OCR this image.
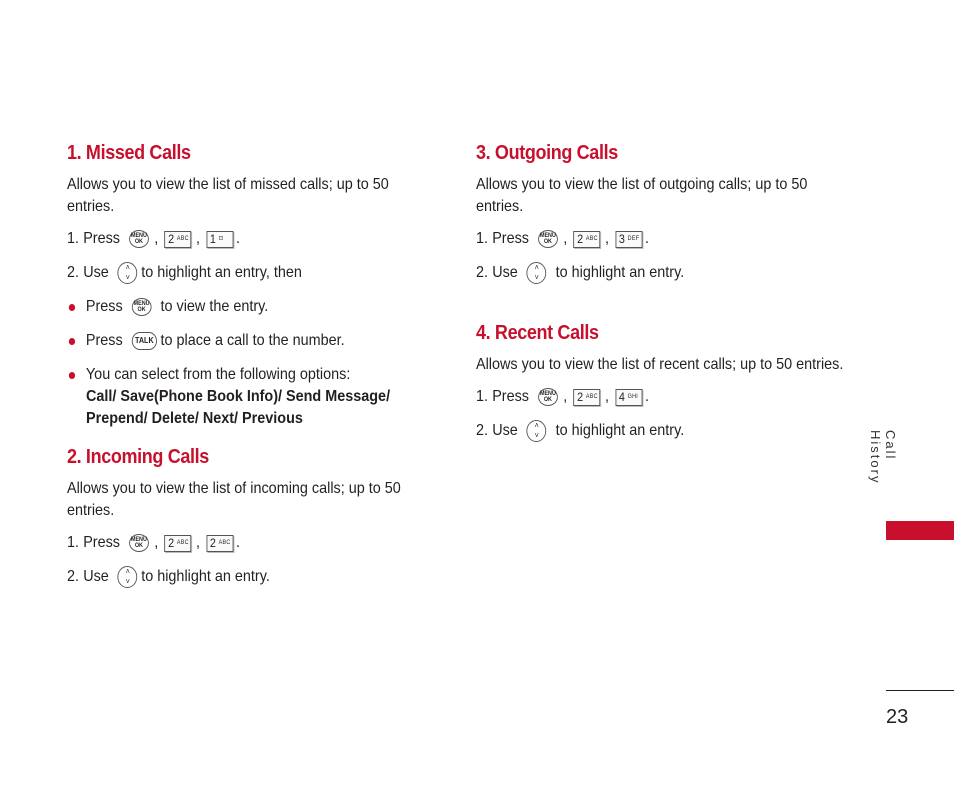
1. Missed Calls
Allows you to view the list of missed calls; up to 50 entries.
1. Press MENU
OK , 2 ABC , 1 ⊡ .
2. Use ˄
˅ to highlight an entry, then
Press MENU
OK to view the entry.
Press	TALK to place a call to the number.
You can select from the following options:
Call/ Save(Phone Book Info)/ Send Message/
Prepend/ Delete/ Next/ Previous
2. Incoming Calls
Allows you to view the list of incoming calls; up to 50 entries.
1. Press MENU
OK , 2 ABC , 2 ABC .
2. Use ˄
˅ to highlight an entry.
3. Outgoing Calls
Allows you to view the list of outgoing calls; up to 50 entries.
1. Press MENU
OK , 2 ABC , 3 DEF .
2. Use ˄
˅ to highlight an entry.
4. Recent Calls
Allows you to view the list of recent calls; up to 50 entries.
1. Press MENU
OK , 2 ABC , 4 GHI .
2. Use ˄
˅ to highlight an entry.	Call History
23
